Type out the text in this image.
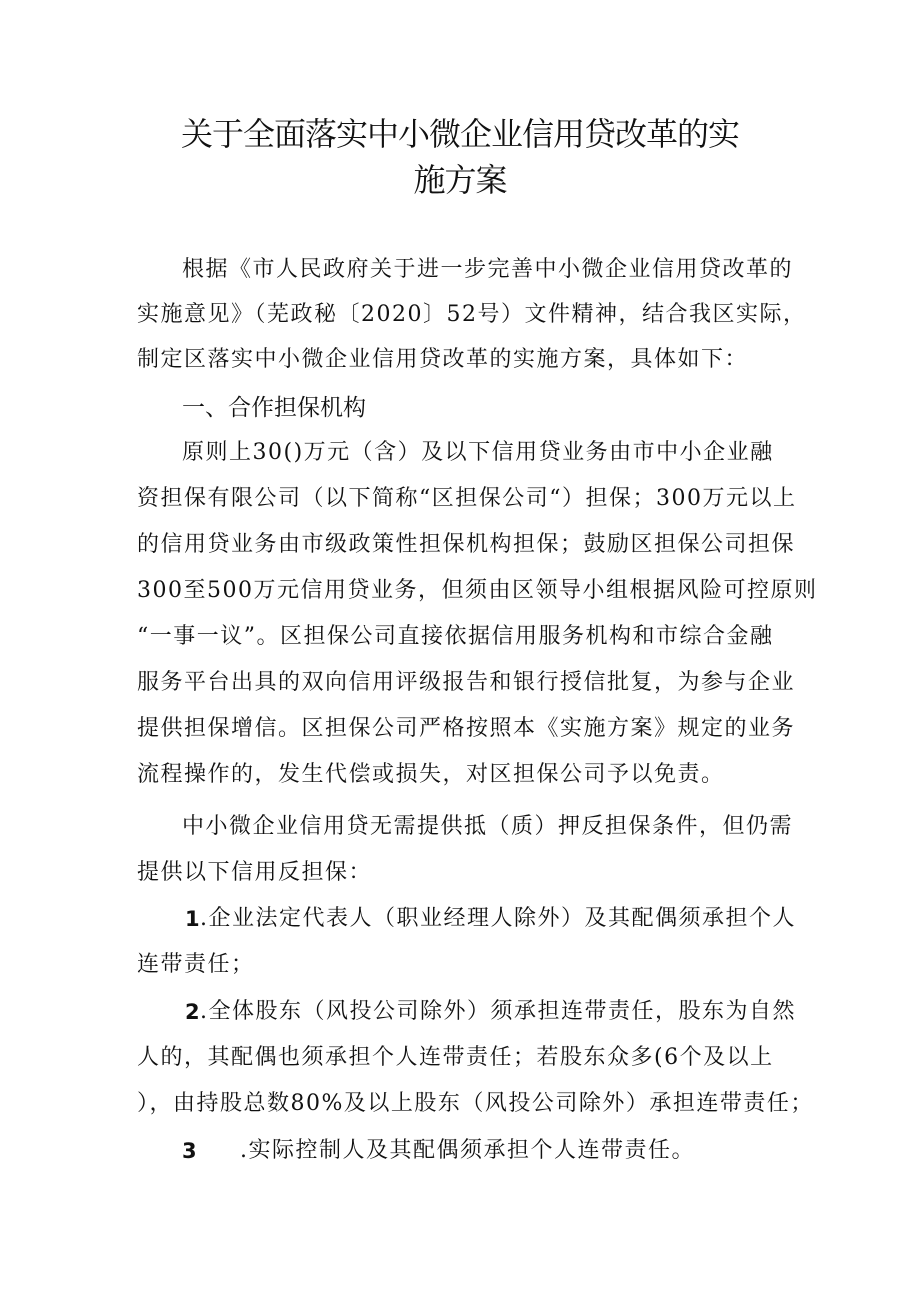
关于全面落实中小微企业信用贷改革的实
施方案
根据《市人民政府关于进一步完善中小微企业信用贷改革的
实施意见》（芜政秘〔2020〕52号）文件精神，结合我区实际，
制定区落实中小微企业信用贷改革的实施方案，具体如下：
一、合作担保机构
原则上30()万元（含）及以下信用贷业务由市中小企业融
资担保有限公司（以下简称“区担保公司“）担保；300万元以上
的信用贷业务由市级政策性担保机构担保；鼓励区担保公司担保
300至500万元信用贷业务，但须由区领导小组根据风险可控原则
“一事一议”。区担保公司直接依据信用服务机构和市综合金融
服务平台出具的双向信用评级报告和银行授信批复，为参与企业
提供担保增信。区担保公司严格按照本《实施方案》规定的业务
流程操作的，发生代偿或损失，对区担保公司予以免责。
中小微企业信用贷无需提供抵（质）押反担保条件，但仍需
提供以下信用反担保：
1 .企业法定代表人（职业经理人除外）及其配偶须承担个人
连带责任；
2 .全体股东（风投公司除外）须承担连带责任，股东为自然
人的，其配偶也须承担个人连带责任；若股东众多(6个及以上
），由持股总数80%及以上股东（风投公司除外）承担连带责任；
3 .实际控制人及其配偶须承担个人连带责任。
